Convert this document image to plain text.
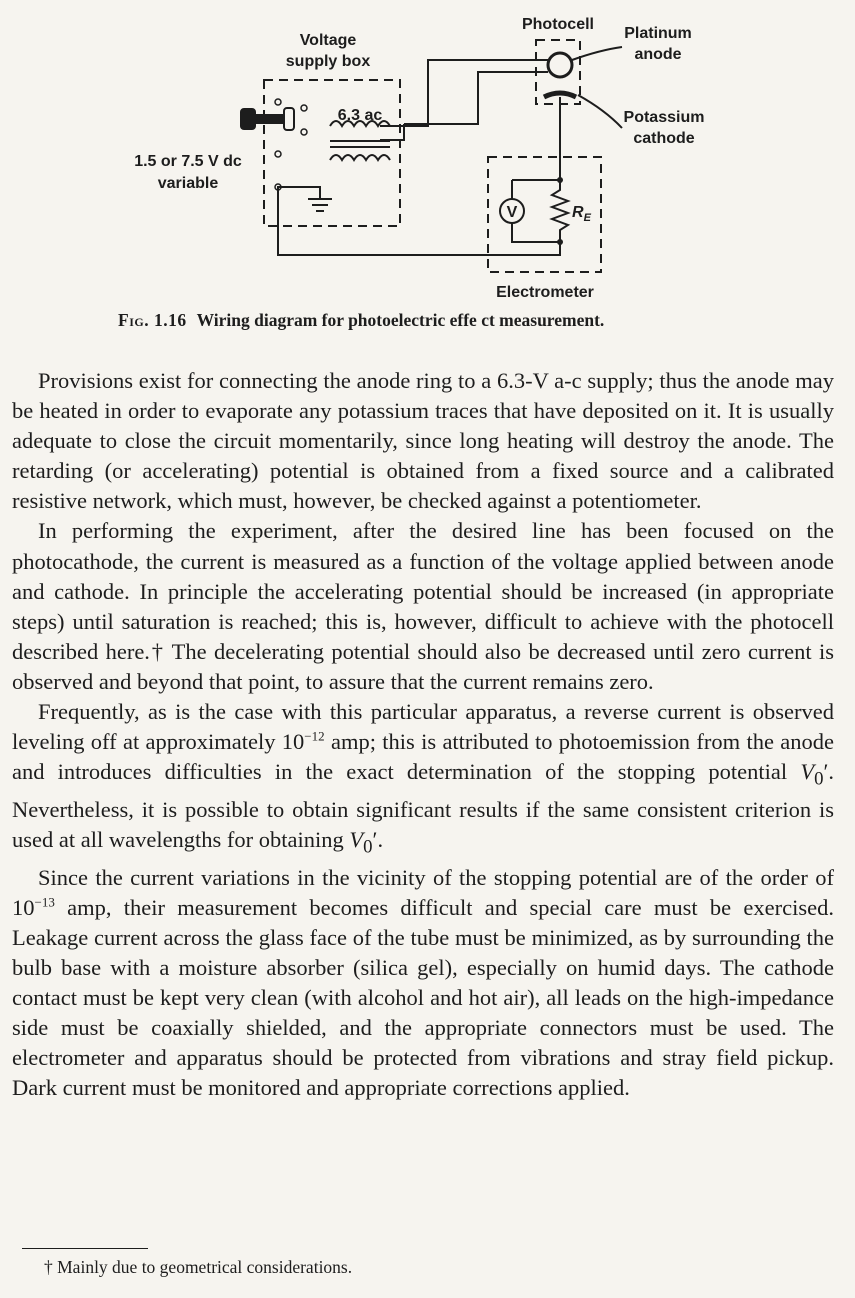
Voltage
supply box
Photocell
Platinum
anode
Potassium
cathode
6.3 ac
1.5 or 7.5 V dc
variable
Electrometer
V	$R_E$
Fig. 1.16 Wiring diagram for photoelectric effe ct measurement.

Provisions exist for connecting the anode ring to a 6.3-V a-c supply; thus the anode may be heated in order to evaporate any potassium traces that have deposited on it. It is usually adequate to close the circuit momentarily, since long heating will destroy the anode. The retarding (or accelerating) potential is obtained from a fixed source and a calibrated resistive network, which must, however, be checked against a potentiometer.

In performing the experiment, after the desired line has been focused on the photocathode, the current is measured as a function of the voltage applied between anode and cathode. In principle the accelerating potential should be increased (in appropriate steps) until saturation is reached; this is, however, difficult to achieve with the photocell described here.† The decelerating potential should also be decreased until zero current is observed and beyond that point, to assure that the current remains zero.

Frequently, as is the case with this particular apparatus, a reverse current is observed leveling off at approximately $10^{-12}$ amp; this is attributed to photoemission from the anode and introduces difficulties in the exact determination of the stopping potential $V_0'$. Nevertheless, it is possible to obtain significant results if the same consistent criterion is used at all wavelengths for obtaining $V_0'$.

Since the current variations in the vicinity of the stopping potential are of the order of $10^{-13}$ amp, their measurement becomes difficult and special care must be exercised. Leakage current across the glass face of the tube must be minimized, as by surrounding the bulb base with a moisture absorber (silica gel), especially on humid days. The cathode contact must be kept very clean (with alcohol and hot air), all leads on the high-impedance side must be coaxially shielded, and the appropriate connectors must be used. The electrometer and apparatus should be protected from vibrations and stray field pickup. Dark current must be monitored and appropriate corrections applied.

† Mainly due to geometrical considerations.
